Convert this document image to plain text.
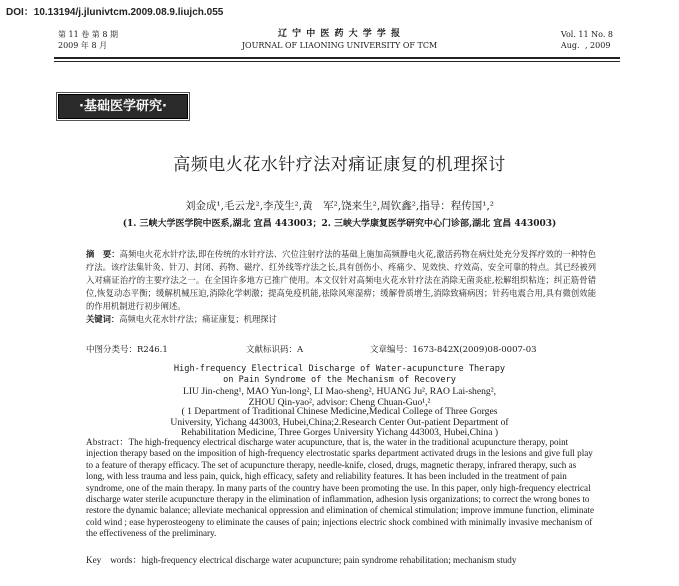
DOI：10.13194/j.jlunivtcm.2009.08.9.liujch.055
第 11 卷 第 8 期
2009 年 8 月
辽 宁 中 医 药 大 学 学 报
JOURNAL OF LIAONING UNIVERSITY OF TCM
Vol. 11 No. 8
Aug．, 2009
·基础医学研究·
高频电火花水针疗法对痛证康复的机理探讨
刘金成¹,毛云龙²,李茂生²,黄　军²,饶来生²,周钦鑫²,指导：程传国¹,²
(1. 三峡大学医学院中医系,湖北 宜昌 443003；2. 三峡大学康复医学研究中心门诊部,湖北 宜昌 443003)
摘　要：高频电火花水针疗法,即在传统的水针疗法、穴位注射疗法的基础上施加高频静电火花,激活药物在病灶处充分发挥疗效的一种特色疗法。该疗法集针灸、针刀、封闭、药物、磁疗、红外线等疗法之长,具有创伤小、疼痛少、见效快、疗效高、安全可靠的特点。其已经被列入对痛证治疗的主要疗法之一。在全国许多地方已推广使用。本文仅针对高频电火花水针疗法在消除无菌炎症,松解组织粘连；纠正筋骨错位,恢复动态平衡；缓解机械压迫,消除化学刺激；提高免疫机能,祛除风寒湿痹；缓解骨质增生,消除致痛病因；针药电震合用,具有微创效能的作用机制进行初步阐述。
关键词：高频电火花水针疗法；痛证康复；机理探讨
中图分类号：R246.1	文献标识码：A	文章编号：1673-842X(2009)08-0007-03
High-frequency Electrical Discharge of Water-acupuncture Therapy
on Pain Syndrome of the Mechanism of Recovery
LIU Jin-cheng¹, MAO Yun-long², LI Mao-sheng², HUANG Ju², RAO Lai-sheng²,
ZHOU Qin-yao², advisor: Cheng Chuan-Guo¹,²
( 1 Department of Traditional Chinese Medicine,Medical College of Three Gorges
University, Yichang 443003, Hubei,China;2.Research Center Out-patient Department of
Rehabilitation Medicine, Three Gorges University Yichang 443003, Hubei,China )
Abstract：The high-frequency electrical discharge water acupuncture, that is, the water in the traditional acupuncture therapy, point injection therapy based on the imposition of high-frequency electrostatic sparks department activated drugs in the lesions and give full play to a feature of therapy efficacy. The set of acupuncture therapy, needle-knife, closed, drugs, magnetic therapy, infrared therapy, such as long, with less trauma and less pain, quick, high efficacy, safety and reliability features. It has been included in the treatment of pain syndrome, one of the main therapy. In many parts of the country have been promoting the use. In this paper, only high-frequency electrical discharge water sterile acupuncture therapy in the elimination of inflammation, adhesion lysis organizations; to correct the wrong bones to restore the dynamic balance; alleviate mechanical oppression and elimination of chemical stimulation; improve immune function, eliminate cold wind ; ease hyperosteogeny to eliminate the causes of pain; injections electric shock combined with minimally invasive mechanism of the effectiveness of the preliminary.
Key　words：high-frequency electrical discharge water acupuncture; pain syndrome rehabilitation; mechanism study
